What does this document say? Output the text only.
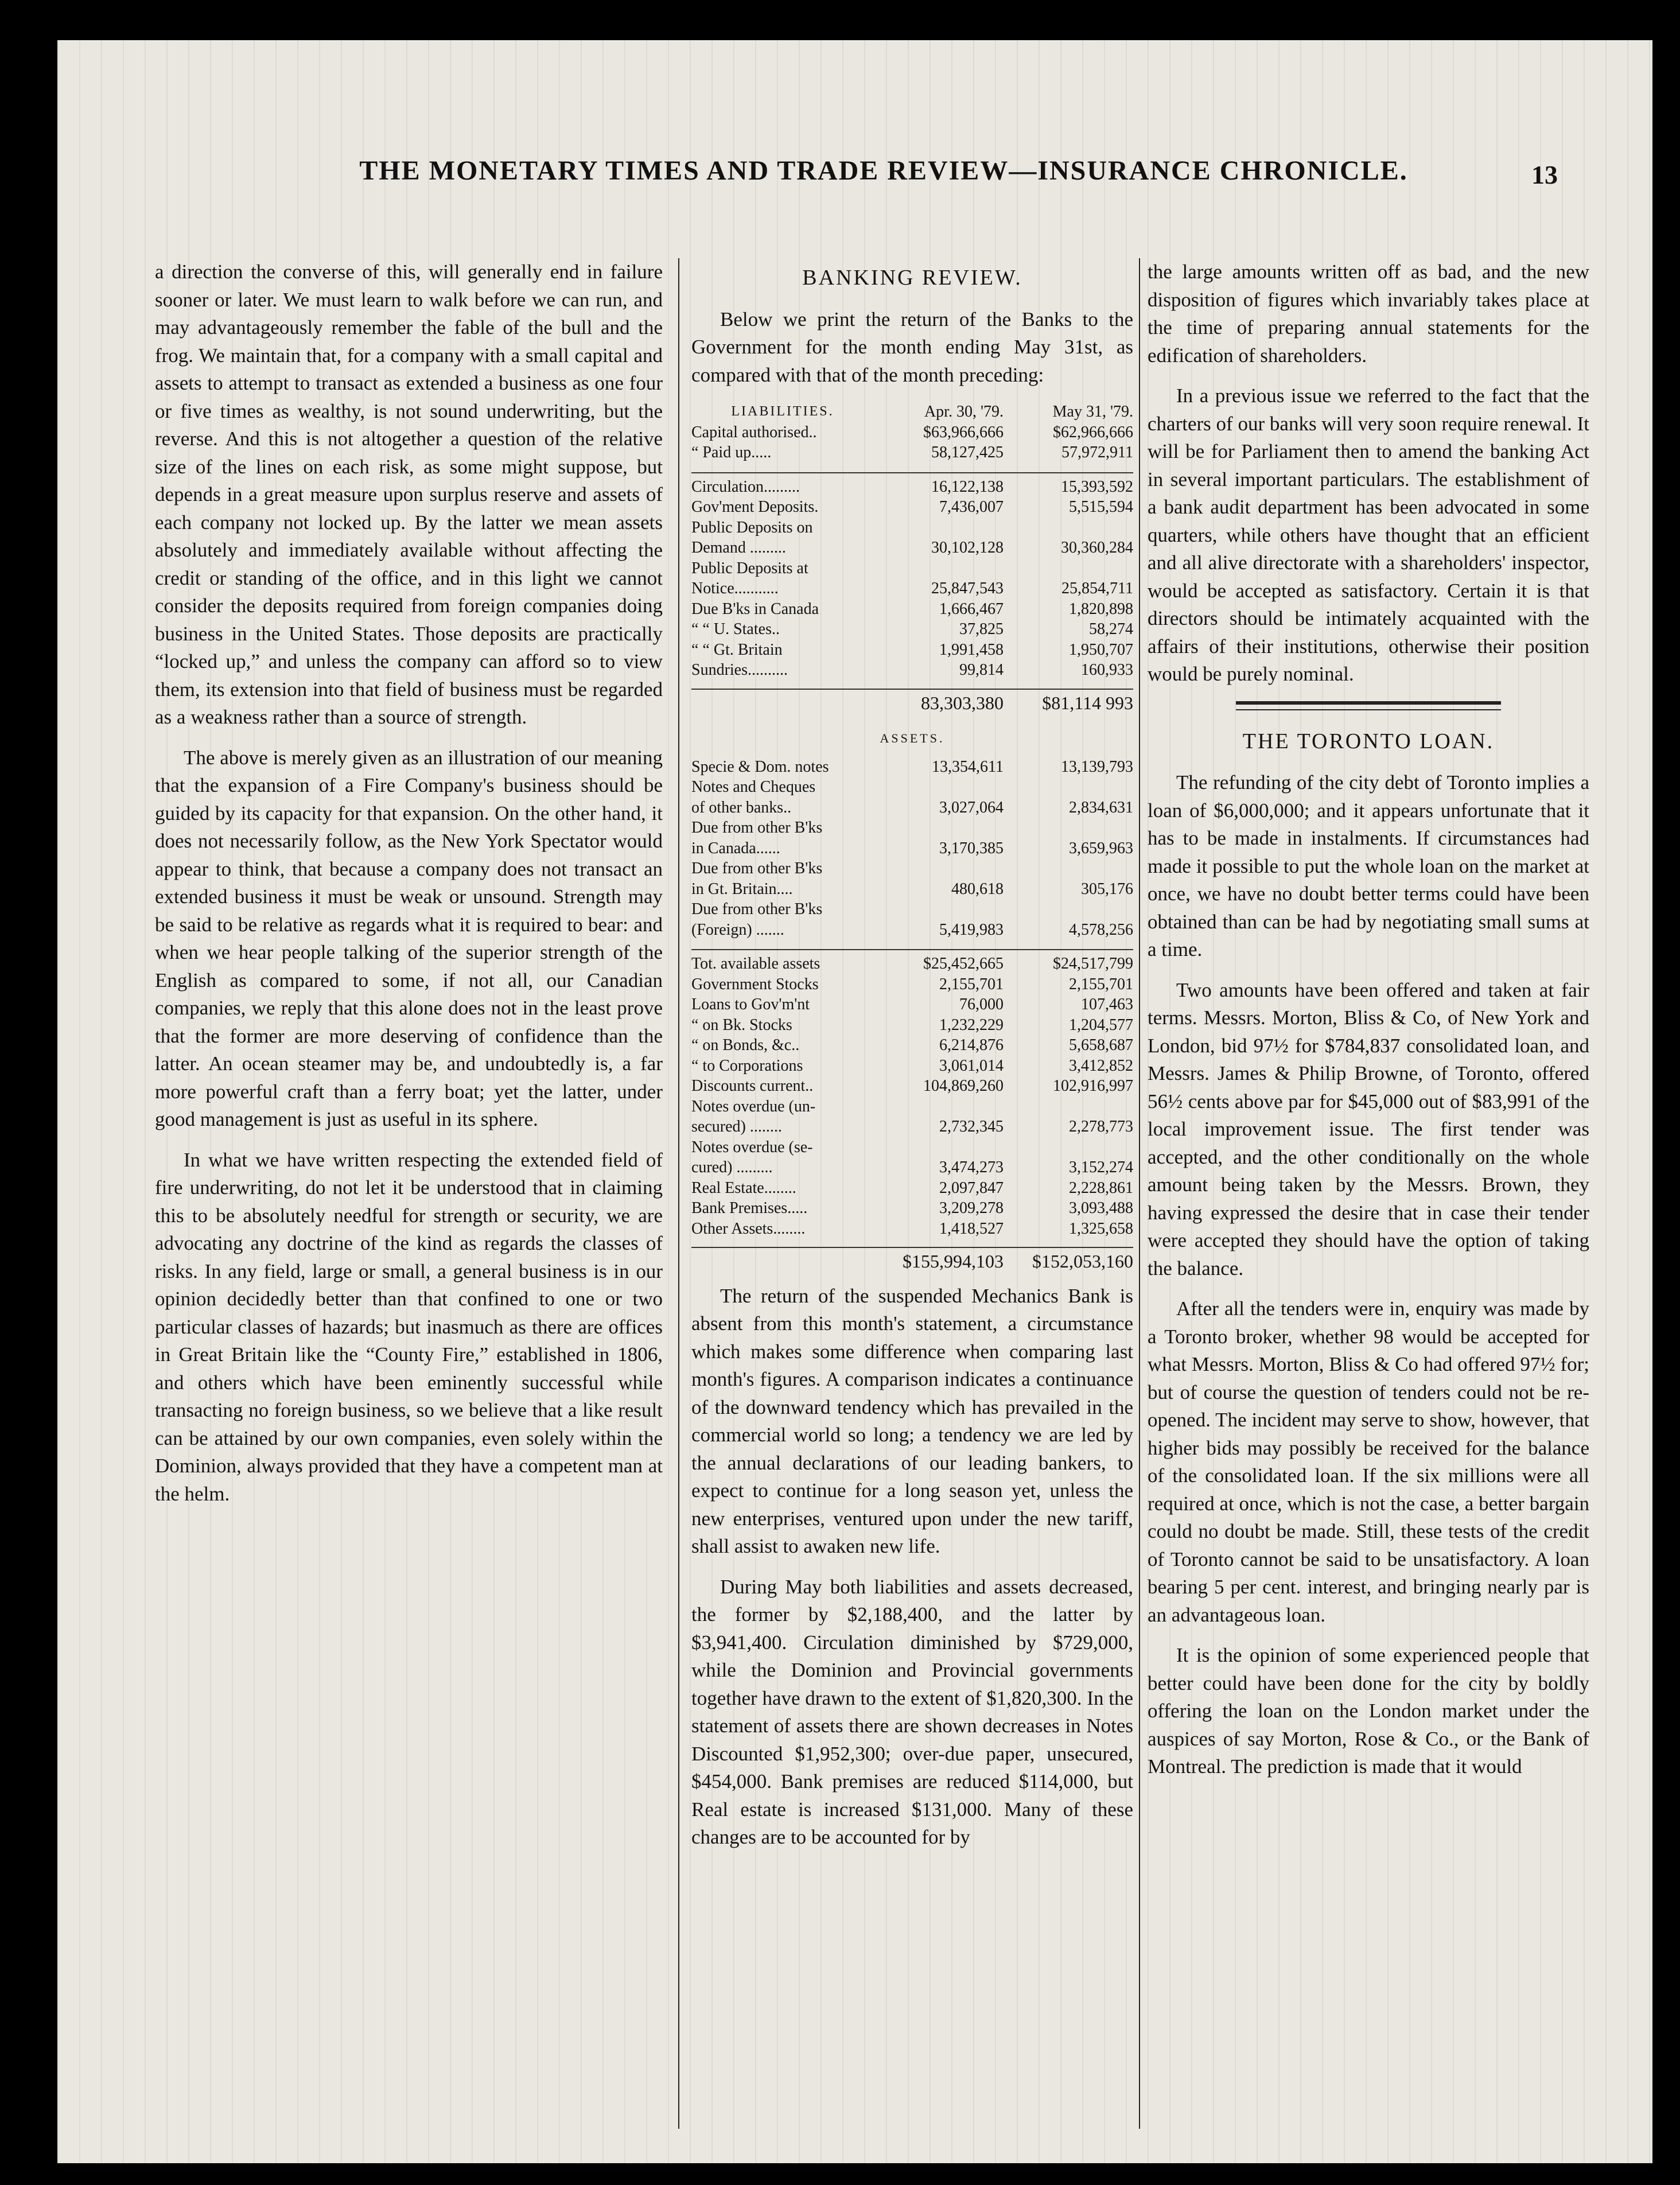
THE MONETARY TIMES AND TRADE REVIEW—INSURANCE CHRONICLE.	13

a direction the converse of this, will generally end in failure sooner or later. We must learn to walk before we can run, and may advantageously remember the fable of the bull and the frog. We maintain that, for a company with a small capital and assets to attempt to transact as extended a business as one four or five times as wealthy, is not sound underwriting, but the reverse. And this is not altogether a question of the relative size of the lines on each risk, as some might suppose, but depends in a great measure upon surplus reserve and assets of each company not locked up. By the latter we mean assets absolutely and immediately available without affecting the credit or standing of the office, and in this light we cannot consider the deposits required from foreign companies doing business in the United States. Those deposits are practically “locked up,” and unless the company can afford so to view them, its extension into that field of business must be regarded as a weakness rather than a source of strength.

The above is merely given as an illustration of our meaning that the expansion of a Fire Company's business should be guided by its capacity for that expansion. On the other hand, it does not necessarily follow, as the New York Spectator would appear to think, that because a company does not transact an extended business it must be weak or unsound. Strength may be said to be relative as regards what it is required to bear: and when we hear people talking of the superior strength of the English as compared to some, if not all, our Canadian companies, we reply that this alone does not in the least prove that the former are more deserving of confidence than the latter. An ocean steamer may be, and undoubtedly is, a far more powerful craft than a ferry boat; yet the latter, under good management is just as useful in its sphere.

In what we have written respecting the extended field of fire underwriting, do not let it be understood that in claiming this to be absolutely needful for strength or security, we are advocating any doctrine of the kind as regards the classes of risks. In any field, large or small, a general business is in our opinion decidedly better than that confined to one or two particular classes of hazards; but inasmuch as there are offices in Great Britain like the “County Fire,” established in 1806, and others which have been eminently successful while transacting no foreign business, so we believe that a like result can be attained by our own companies, even solely within the Dominion, always provided that they have a competent man at the helm.

BANKING REVIEW.

Below we print the return of the Banks to the Government for the month ending May 31st, as compared with that of the month preceding:

LIABILITIES.	Apr. 30, '79.	May 31, '79.
Capital authorised..	$63,966,666	$62,966,666
“ Paid up.....	58,127,425	57,972,911
Circulation.........	16,122,138	15,393,592
Gov'ment Deposits.	7,436,007	5,515,594
Public Deposits on
Demand .........	30,102,128	30,360,284
Public Deposits at
Notice...........	25,847,543	25,854,711
Due B'ks in Canada	1,666,467	1,820,898
“ “ U. States..	37,825	58,274
“ “ Gt. Britain	1,991,458	1,950,707
Sundries..........	99,814	160,933
83,303,380	$81,114 993
ASSETS.
Specie & Dom. notes	13,354,611	13,139,793
Notes and Cheques
of other banks..	3,027,064	2,834,631
Due from other B'ks
in Canada......	3,170,385	3,659,963
Due from other B'ks
in Gt. Britain....	480,618	305,176
Due from other B'ks
(Foreign) .......	5,419,983	4,578,256
Tot. available assets	$25,452,665	$24,517,799
Government Stocks	2,155,701	2,155,701
Loans to Gov'm'nt	76,000	107,463
“ on Bk. Stocks	1,232,229	1,204,577
“ on Bonds, &c..	6,214,876	5,658,687
“ to Corporations	3,061,014	3,412,852
Discounts current..	104,869,260	102,916,997
Notes overdue (un-
secured) ........	2,732,345	2,278,773
Notes overdue (se-
cured) .........	3,474,273	3,152,274
Real Estate........	2,097,847	2,228,861
Bank Premises.....	3,209,278	3,093,488
Other Assets........	1,418,527	1,325,658
$155,994,103	$152,053,160

The return of the suspended Mechanics Bank is absent from this month's statement, a circumstance which makes some difference when comparing last month's figures. A comparison indicates a continuance of the downward tendency which has prevailed in the commercial world so long; a tendency we are led by the annual declarations of our leading bankers, to expect to continue for a long season yet, unless the new enterprises, ventured upon under the new tariff, shall assist to awaken new life.

During May both liabilities and assets decreased, the former by $2,188,400, and the latter by $3,941,400. Circulation diminished by $729,000, while the Dominion and Provincial governments together have drawn to the extent of $1,820,300. In the statement of assets there are shown decreases in Notes Discounted $1,952,300; over-due paper, unsecured, $454,000. Bank premises are reduced $114,000, but Real estate is increased $131,000. Many of these changes are to be accounted for by

the large amounts written off as bad, and the new disposition of figures which invariably takes place at the time of preparing annual statements for the edification of shareholders.

In a previous issue we referred to the fact that the charters of our banks will very soon require renewal. It will be for Parliament then to amend the banking Act in several important particulars. The establishment of a bank audit department has been advocated in some quarters, while others have thought that an efficient and all alive directorate with a shareholders' inspector, would be accepted as satisfactory. Certain it is that directors should be intimately acquainted with the affairs of their institutions, otherwise their position would be purely nominal.

THE TORONTO LOAN.

The refunding of the city debt of Toronto implies a loan of $6,000,000; and it appears unfortunate that it has to be made in instalments. If circumstances had made it possible to put the whole loan on the market at once, we have no doubt better terms could have been obtained than can be had by negotiating small sums at a time.

Two amounts have been offered and taken at fair terms. Messrs. Morton, Bliss & Co, of New York and London, bid 97½ for $784,837 consolidated loan, and Messrs. James & Philip Browne, of Toronto, offered 56½ cents above par for $45,000 out of $83,991 of the local improvement issue. The first tender was accepted, and the other conditionally on the whole amount being taken by the Messrs. Brown, they having expressed the desire that in case their tender were accepted they should have the option of taking the balance.

After all the tenders were in, enquiry was made by a Toronto broker, whether 98 would be accepted for what Messrs. Morton, Bliss & Co had offered 97½ for; but of course the question of tenders could not be re-opened. The incident may serve to show, however, that higher bids may possibly be received for the balance of the consolidated loan. If the six millions were all required at once, which is not the case, a better bargain could no doubt be made. Still, these tests of the credit of Toronto cannot be said to be unsatisfactory. A loan bearing 5 per cent. interest, and bringing nearly par is an advantageous loan.

It is the opinion of some experienced people that better could have been done for the city by boldly offering the loan on the London market under the auspices of say Morton, Rose & Co., or the Bank of Montreal. The prediction is made that it would
